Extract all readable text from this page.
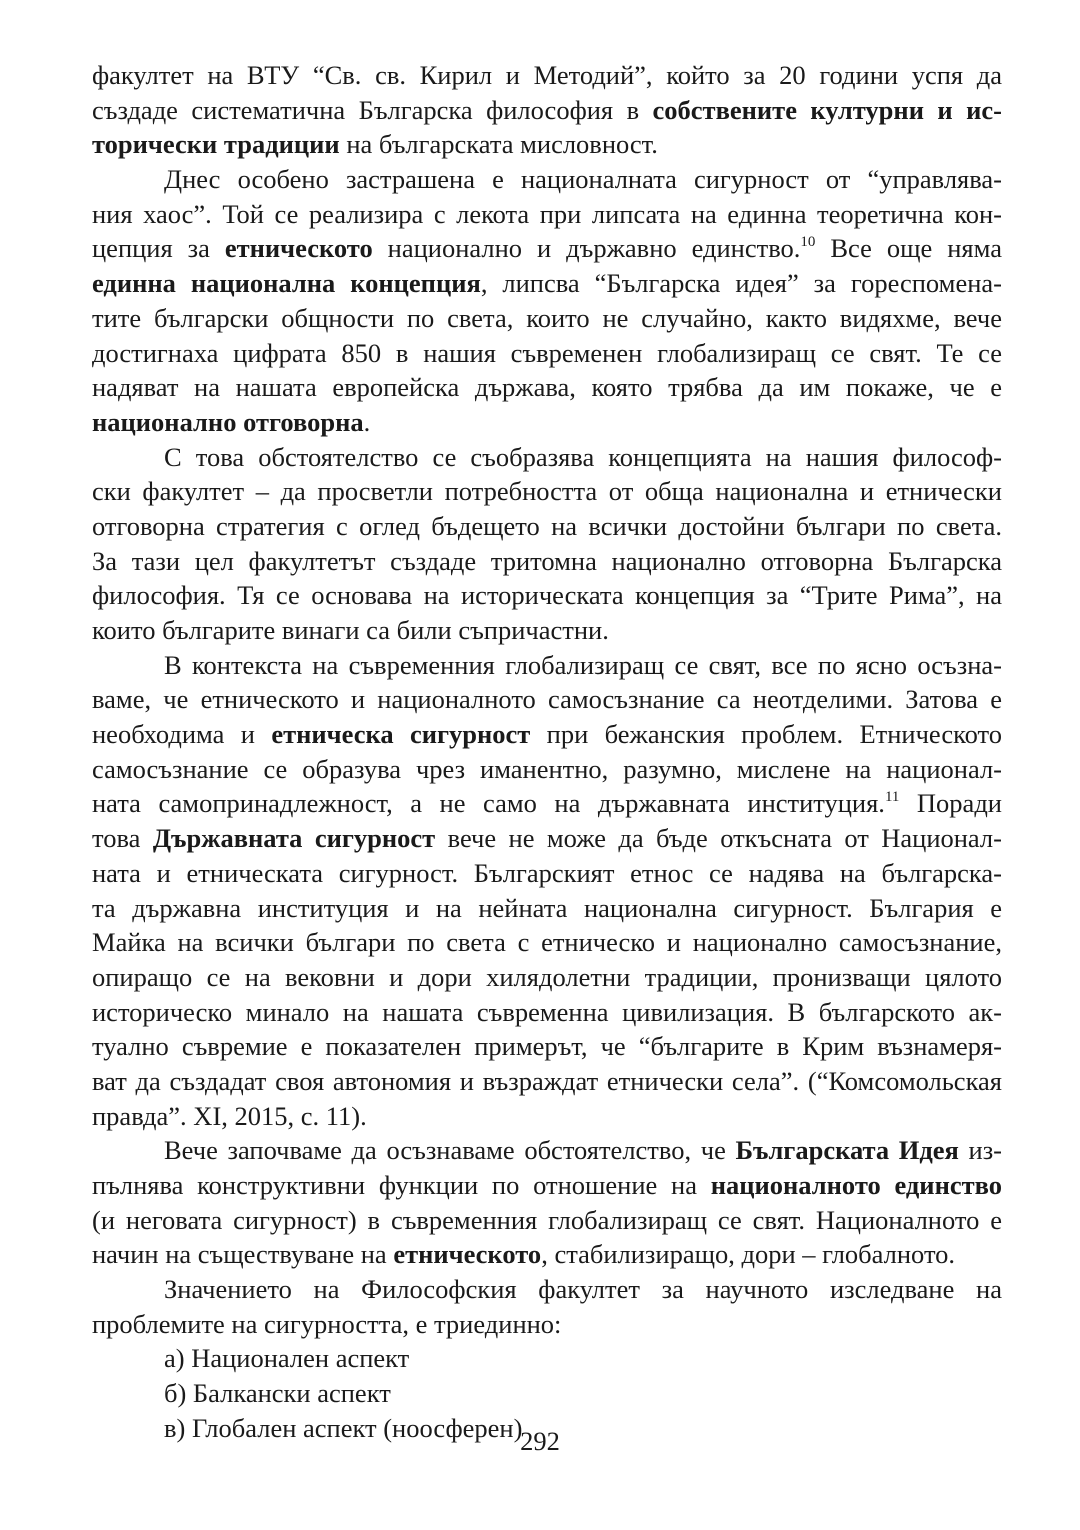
факултет на ВТУ “Св. св. Кирил и Методий”, който за 20 години успя да
създаде систематична Българска философия в собствените културни и ис-
торически традиции на българската мисловност.
Днес особено застрашена е националната сигурност от “управлява-
ния хаос”. Той се реализира с лекота при липсата на единна теоретична кон-
цепция за етническото национално и държавно единство.$^{10}$ Все още няма
единна национална концепция, липсва “Българска идея” за гореспомена-
тите български общности по света, които не случайно, както видяхме, вече
достигнаха цифрата 850 в нашия съвременен глобализиращ се свят. Те се
надяват на нашата европейска държава, която трябва да им покаже, че е
национално отговорна.
С това обстоятелство се съобразява концепцията на нашия философ-
ски факултет – да просветли потребността от обща национална и етнически
отговорна стратегия с оглед бъдещето на всички достойни българи по света.
За тази цел факултетът създаде тритомна национално отговорна Българска
философия. Тя се основава на историческата концепция за “Трите Рима”, на
които българите винаги са били съпричастни.
В контекста на съвременния глобализиращ се свят, все по ясно осъзна-
ваме, че етническото и националното самосъзнание са неотделими. Затова е
необходима и етническа сигурност при бежанския проблем. Етническото
самосъзнание се образува чрез иманентно, разумно, мислене на национал-
ната самопринадлежност, а не само на държавната институция.$^{11}$ Поради
това Държавната сигурност вече не може да бъде откъсната от Национал-
ната и етническата сигурност. Българският етнос се надява на българска-
та държавна институция и на нейната национална сигурност. България е
Майка на всички българи по света с етническо и национално самосъзнание,
опиращо се на вековни и дори хилядолетни традиции, пронизващи цялото
историческо минало на нашата съвременна цивилизация. В българското ак-
туално съвремие е показателен примерът, че “българите в Крим възнамеря-
ват да създадат своя автономия и възраждат етнически села”. (“Комсомольская
правда”. XI, 2015, с. 11).
Вече започваме да осъзнаваме обстоятелство, че Българската Идея из-
пълнява конструктивни функции по отношение на националното единство
(и неговата сигурност) в съвременния глобализиращ се свят. Националното е
начин на съществуване на етническото, стабилизиращо, дори – глобалното.
Значението на Философския факултет за научното изследване на
проблемите на сигурността, е триединно:
а) Национален аспект
б) Балкански аспект
в) Глобален аспект (ноосферен)
292
